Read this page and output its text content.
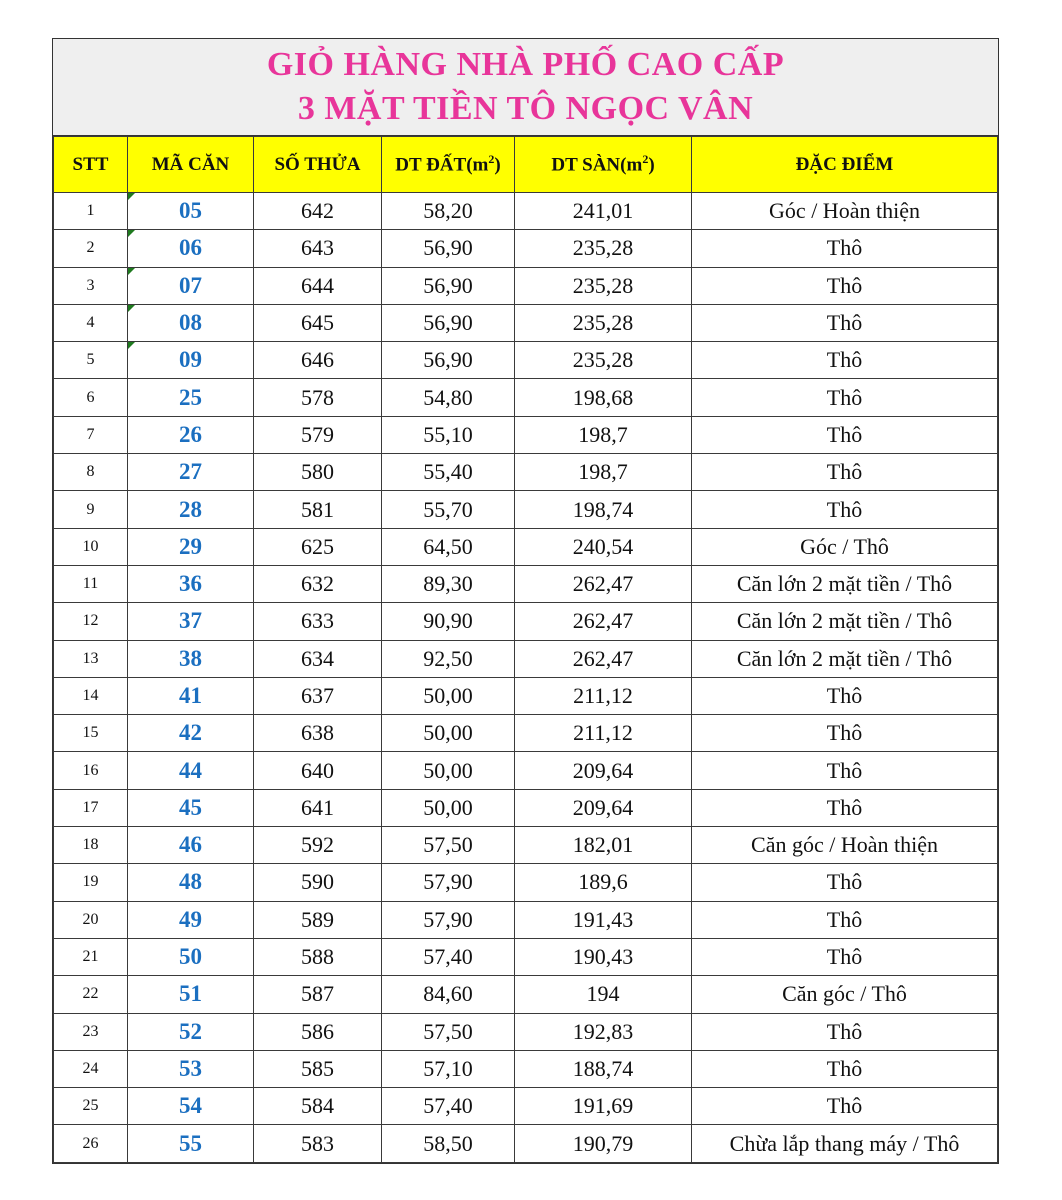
GIỎ HÀNG NHÀ PHỐ CAO CẤP
3 MẶT TIỀN TÔ NGỌC VÂN
STT	MÃ CĂN	SỐ THỬA	DT $ĐẤT(m^2)$	DT $SÀN(m^2)$	ĐẶC ĐIỂM
1	05	642	58,20	241,01	Góc / Hoàn thiện
2	06	643	56,90	235,28	Thô
3	07	644	56,90	235,28	Thô
4	08	645	56,90	235,28	Thô
5	09	646	56,90	235,28	Thô
6	25	578	54,80	198,68	Thô
7	26	579	55,10	198,7	Thô
8	27	580	55,40	198,7	Thô
9	28	581	55,70	198,74	Thô
10	29	625	64,50	240,54	Góc / Thô
11	36	632	89,30	262,47	Căn lớn 2 mặt tiền / Thô
12	37	633	90,90	262,47	Căn lớn 2 mặt tiền / Thô
13	38	634	92,50	262,47	Căn lớn 2 mặt tiền / Thô
14	41	637	50,00	211,12	Thô
15	42	638	50,00	211,12	Thô
16	44	640	50,00	209,64	Thô
17	45	641	50,00	209,64	Thô
18	46	592	57,50	182,01	Căn góc / Hoàn thiện
19	48	590	57,90	189,6	Thô
20	49	589	57,90	191,43	Thô
21	50	588	57,40	190,43	Thô
22	51	587	84,60	194	Căn góc / Thô
23	52	586	57,50	192,83	Thô
24	53	585	57,10	188,74	Thô
25	54	584	57,40	191,69	Thô
26	55	583	58,50	190,79	Chừa lắp thang máy / Thô
